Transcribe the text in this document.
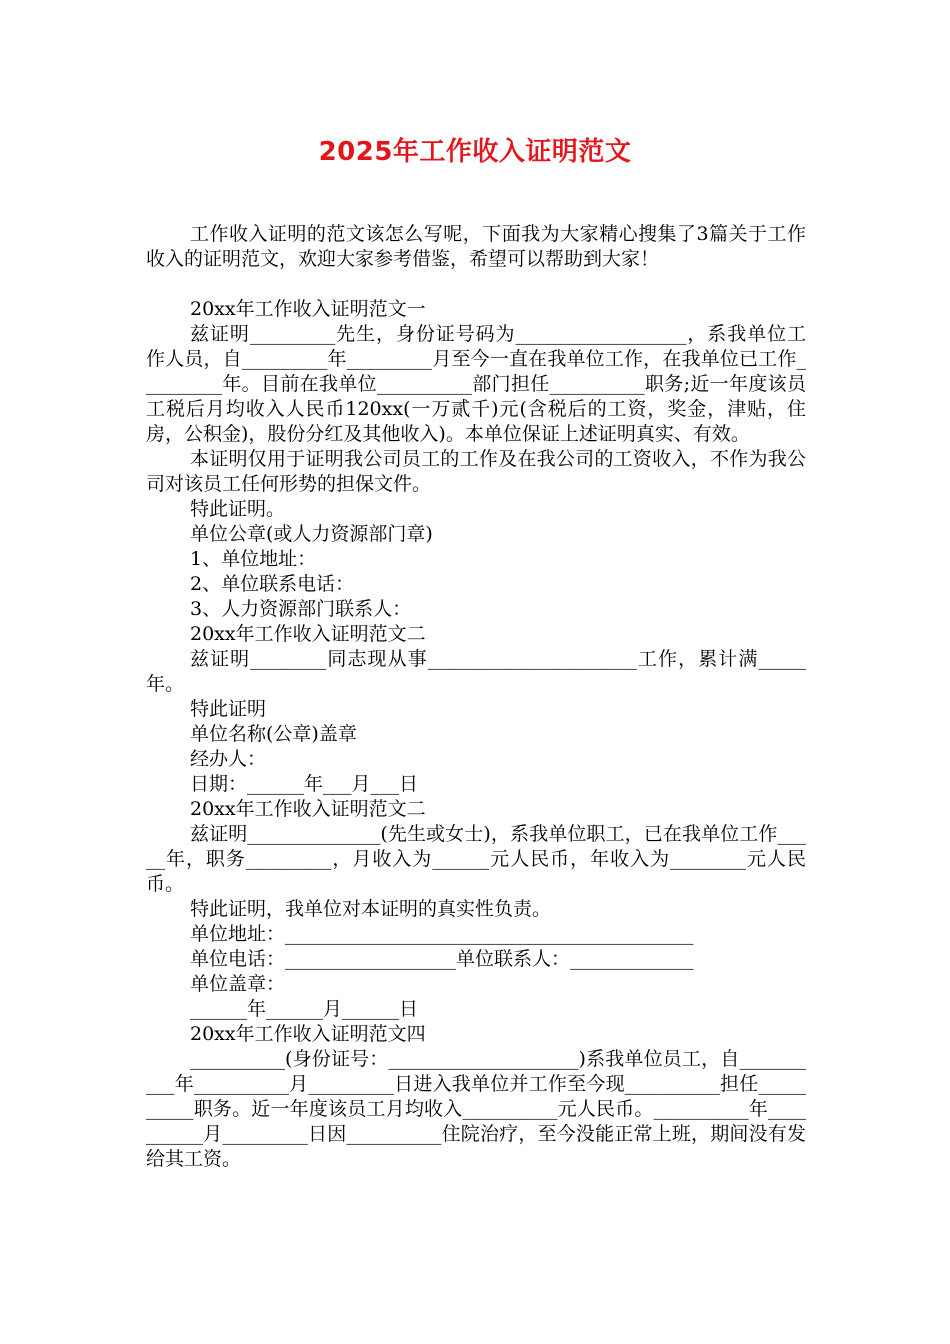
2025年工作收入证明范文

工作收入证明的范文该怎么写呢，下面我为大家精心搜集了3篇关于工作收入的证明范文，欢迎大家参考借鉴，希望可以帮助到大家！

20xx年工作收入证明范文一

兹证明_________先生，身份证号码为__________________，系我单位工作人员，自_________年_________月至今一直在我单位工作，在我单位已工作_________年。目前在我单位__________部门担任__________职务;近一年度该员工税后月均收入人民币120xx(一万贰千)元(含税后的工资，奖金，津贴，住房，公积金)，股份分红及其他收入)。本单位保证上述证明真实、有效。

本证明仅用于证明我公司员工的工作及在我公司的工资收入，不作为我公司对该员工任何形势的担保文件。

特此证明。

单位公章(或人力资源部门章)

1、单位地址：

2、单位联系电话：

3、人力资源部门联系人：

20xx年工作收入证明范文二

兹证明________同志现从事______________________工作，累计满_____年。

特此证明

单位名称(公章)盖章

经办人：

日期：______年___月___日

20xx年工作收入证明范文二

兹证明______________(先生或女士)，系我单位职工，已在我单位工作_____年，职务_________，月收入为______元人民币，年收入为________元人民币。

特此证明，我单位对本证明的真实性负责。

单位地址：___________________________________________

单位电话：__________________单位联系人：_____________

单位盖章：

______年______月______日

20xx年工作收入证明范文四

__________(身份证号：____________________)系我单位员工，自__________年__________月_________日进入我单位并工作至今现__________担任__________职务。近一年度该员工月均收入__________元人民币。__________年__________月_________日因__________住院治疗，至今没能正常上班，期间没有发给其工资。
